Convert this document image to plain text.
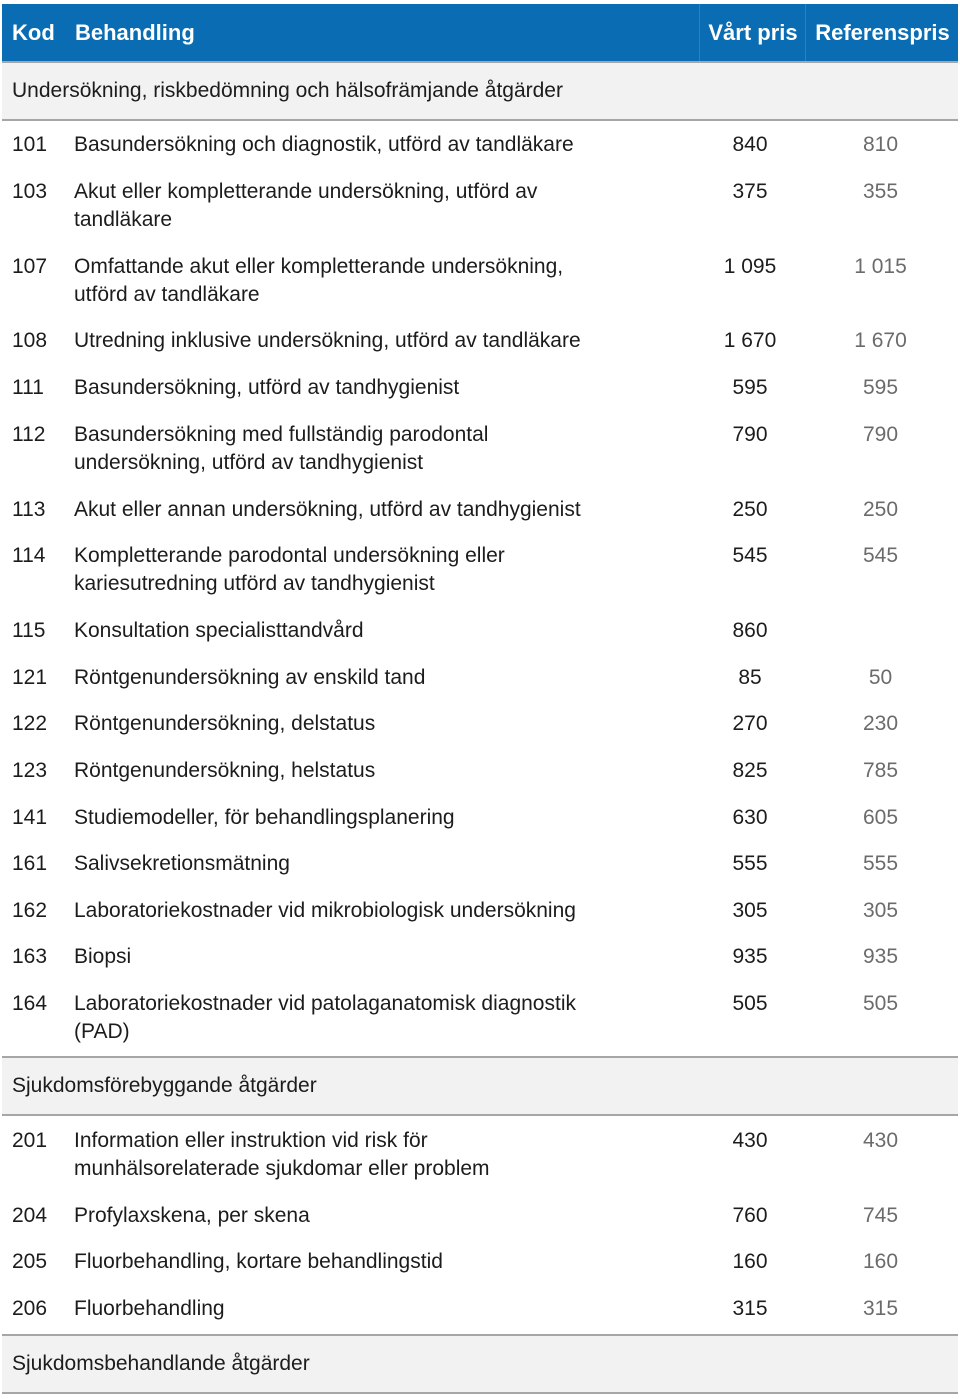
Kod Behandling	Vårt pris Referenspris
Undersökning, riskbedömning och hälsofrämjande åtgärder
101 Basundersökning och diagnostik, utförd av tandläkare	840	810
103 Akut eller kompletterande undersökning, utförd av
tandläkare
375	355
107 Omfattande akut eller kompletterande undersökning,
utförd av tandläkare
1 095	1 015
108 Utredning inklusive undersökning, utförd av tandläkare	1 670	1 670
111 Basundersökning, utförd av tandhygienist	595	595
112 Basundersökning med fullständig parodontal
undersökning, utförd av tandhygienist
790	790
113 Akut eller annan undersökning, utförd av tandhygienist	250	250
114 Kompletterande parodontal undersökning eller
kariesutredning utförd av tandhygienist
545	545
115 Konsultation specialisttandvård	860
121 Röntgenundersökning av enskild tand	85	50
122 Röntgenundersökning, delstatus	270	230
123 Röntgenundersökning, helstatus	825	785
141 Studiemodeller, för behandlingsplanering	630	605
161 Salivsekretionsmätning	555	555
162 Laboratoriekostnader vid mikrobiologisk undersökning	305	305
163 Biopsi	935	935
164 Laboratoriekostnader vid patolaganatomisk diagnostik
(PAD)
505	505
Sjukdomsförebyggande åtgärder
201 Information eller instruktion vid risk för
munhälsorelaterade sjukdomar eller problem
430	430
204 Profylaxskena, per skena	760	745
205 Fluorbehandling, kortare behandlingstid	160	160
206 Fluorbehandling	315	315
Sjukdomsbehandlande åtgärder
